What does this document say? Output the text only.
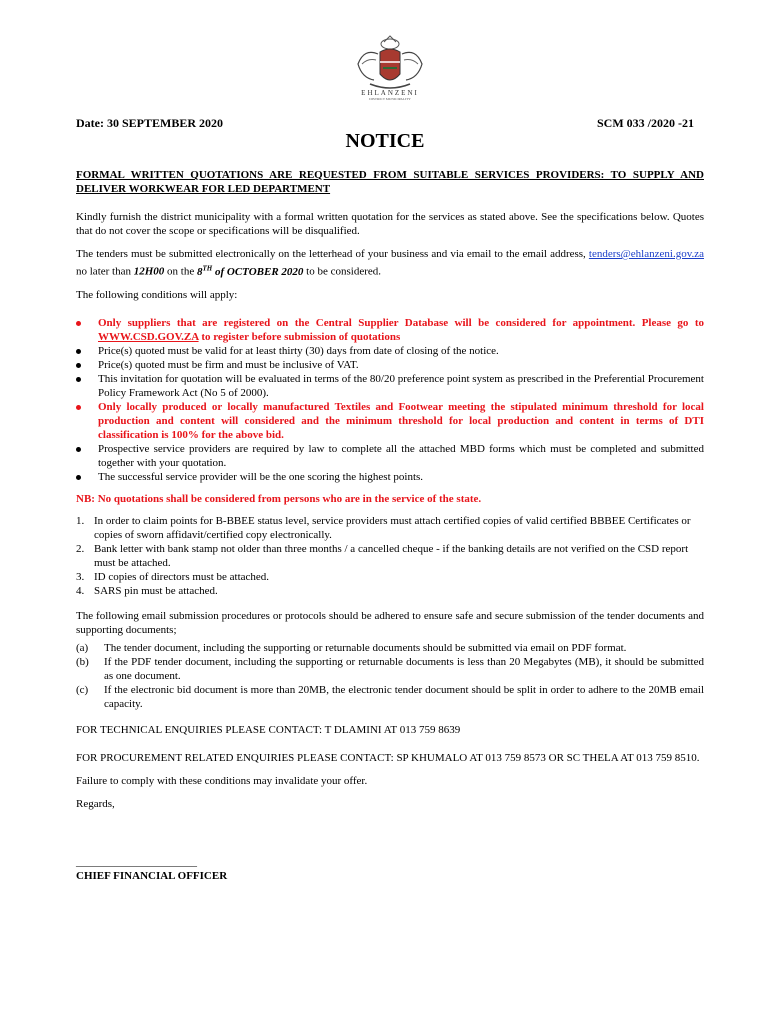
EHLANZENI
DISTRICT MUNICIPALITY
Date: 30 SEPTEMBER 2020	SCM 033 /2020 -21
NOTICE
FORMAL WRITTEN QUOTATIONS ARE REQUESTED FROM SUITABLE SERVICES PROVIDERS: TO SUPPLY AND DELIVER WORKWEAR FOR LED DEPARTMENT

Kindly furnish the district municipality with a formal written quotation for the services as stated above. See the specifications below. Quotes that do not cover the scope or specifications will be disqualified.

The tenders must be submitted electronically on the letterhead of your business and via email to the email address, tenders@ehlanzeni.gov.za no later than 12H00 on the 8TH of OCTOBER 2020 to be considered.

The following conditions will apply:

Only suppliers that are registered on the Central Supplier Database will be considered for appointment. Please go to WWW.CSD.GOV.ZA to register before submission of quotations
Price(s) quoted must be valid for at least thirty (30) days from date of closing of the notice.
Price(s) quoted must be firm and must be inclusive of VAT.
This invitation for quotation will be evaluated in terms of the 80/20 preference point system as prescribed in the Preferential Procurement Policy Framework Act (No 5 of 2000).
Only locally produced or locally manufactured Textiles and Footwear meeting the stipulated minimum threshold for local production and content will considered and the minimum threshold for local production and content in terms of DTI classification is 100% for the above bid.
Prospective service providers are required by law to complete all the attached MBD forms which must be completed and submitted together with your quotation.
The successful service provider will be the one scoring the highest points.

NB: No quotations shall be considered from persons who are in the service of the state.

1. In order to claim points for B-BBEE status level, service providers must attach certified copies of valid certified BBBEE Certificates or copies of sworn affidavit/certified copy electronically.
2. Bank letter with bank stamp not older than three months / a cancelled cheque - if the banking details are not verified on the CSD report must be attached.
3. ID copies of directors must be attached.
4. SARS pin must be attached.

The following email submission procedures or protocols should be adhered to ensure safe and secure submission of the tender documents and supporting documents;

(a) The tender document, including the supporting or returnable documents should be submitted via email on PDF format.
(b) If the PDF tender document, including the supporting or returnable documents is less than 20 Megabytes (MB), it should be submitted as one document.
(c) If the electronic bid document is more than 20MB, the electronic tender document should be split in order to adhere to the 20MB email capacity.

FOR TECHNICAL ENQUIRIES PLEASE CONTACT: T DLAMINI AT 013 759 8639

FOR PROCUREMENT RELATED ENQUIRIES PLEASE CONTACT: SP KHUMALO AT 013 759 8573 OR SC THELA AT 013 759 8510.

Failure to comply with these conditions may invalidate your offer.

Regards,

______________________
CHIEF FINANCIAL OFFICER
